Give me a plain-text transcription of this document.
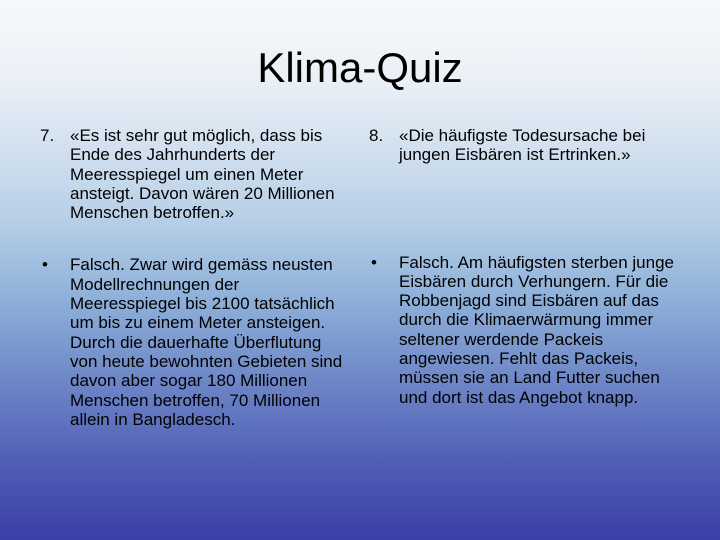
Klima-Quiz
7. «Es ist sehr gut möglich, dass bis Ende des Jahrhunderts der Meeresspiegel um einen Meter ansteigt. Davon wären 20 Millionen Menschen betroffen.»
• Falsch. Zwar wird gemäss neusten Modellrechnungen der Meeresspiegel bis 2100 tatsächlich um bis zu einem Meter ansteigen. Durch die dauerhafte Überflutung von heute bewohnten Gebieten sind davon aber sogar 180 Millionen Menschen betroffen, 70 Millionen allein in Bangladesch.
8. «Die häufigste Todesursache bei jungen Eisbären ist Ertrinken.»
• Falsch. Am häufigsten sterben junge Eisbären durch Verhungern. Für die Robbenjagd sind Eisbären auf das durch die Klimaerwärmung immer seltener werdende Packeis angewiesen. Fehlt das Packeis, müssen sie an Land Futter suchen und dort ist das Angebot knapp.
